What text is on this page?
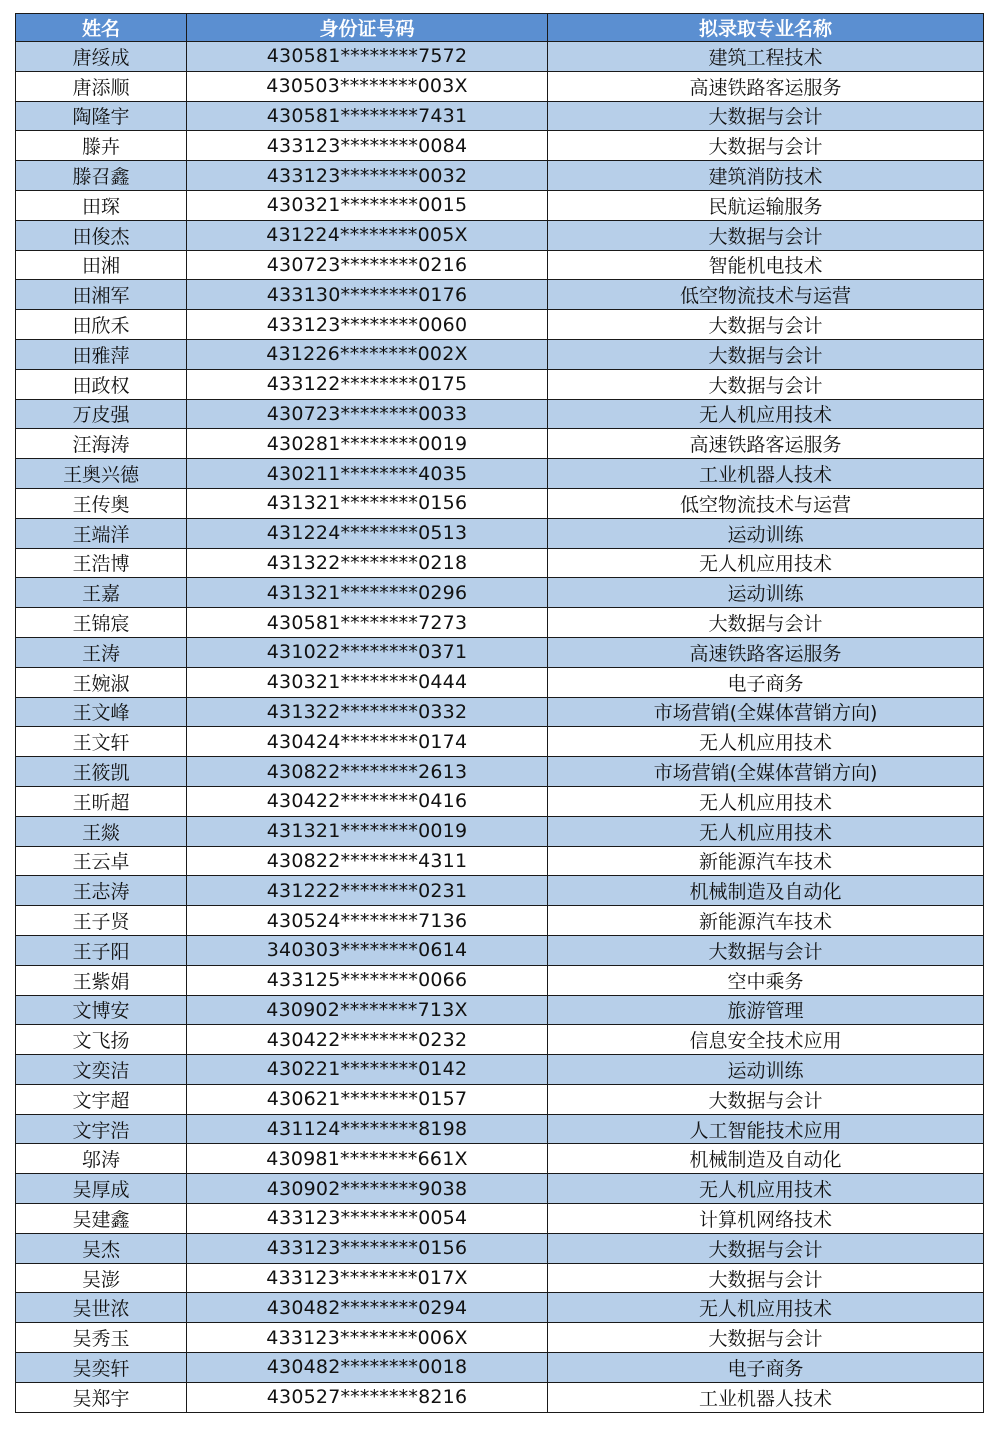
姓名	身份证号码	拟录取专业名称
唐绥成	430581********7572	建筑工程技术
唐添顺	430503********003X	高速铁路客运服务
陶隆宇	430581********7431	大数据与会计
滕卉	433123********0084	大数据与会计
滕召鑫	433123********0032	建筑消防技术
田琛	430321********0015	民航运输服务
田俊杰	431224********005X	大数据与会计
田湘	430723********0216	智能机电技术
田湘军	433130********0176	低空物流技术与运营
田欣禾	433123********0060	大数据与会计
田雅萍	431226********002X	大数据与会计
田政权	433122********0175	大数据与会计
万皮强	430723********0033	无人机应用技术
汪海涛	430281********0019	高速铁路客运服务
王奥兴德	430211********4035	工业机器人技术
王传奥	431321********0156	低空物流技术与运营
王端洋	431224********0513	运动训练
王浩博	431322********0218	无人机应用技术
王嘉	431321********0296	运动训练
王锦宸	430581********7273	大数据与会计
王涛	431022********0371	高速铁路客运服务
王婉淑	430321********0444	电子商务
王文峰	431322********0332	市场营销(全媒体营销方向)
王文轩	430424********0174	无人机应用技术
王筱凯	430822********2613	市场营销(全媒体营销方向)
王昕超	430422********0416	无人机应用技术
王燚	431321********0019	无人机应用技术
王云卓	430822********4311	新能源汽车技术
王志涛	431222********0231	机械制造及自动化
王子贤	430524********7136	新能源汽车技术
王子阳	340303********0614	大数据与会计
王紫娟	433125********0066	空中乘务
文博安	430902********713X	旅游管理
文飞扬	430422********0232	信息安全技术应用
文奕洁	430221********0142	运动训练
文宇超	430621********0157	大数据与会计
文宇浩	431124********8198	人工智能技术应用
邬涛	430981********661X	机械制造及自动化
吴厚成	430902********9038	无人机应用技术
吴建鑫	433123********0054	计算机网络技术
吴杰	433123********0156	大数据与会计
吴澎	433123********017X	大数据与会计
吴世浓	430482********0294	无人机应用技术
吴秀玉	433123********006X	大数据与会计
吴奕轩	430482********0018	电子商务
吴郑宇	430527********8216	工业机器人技术
